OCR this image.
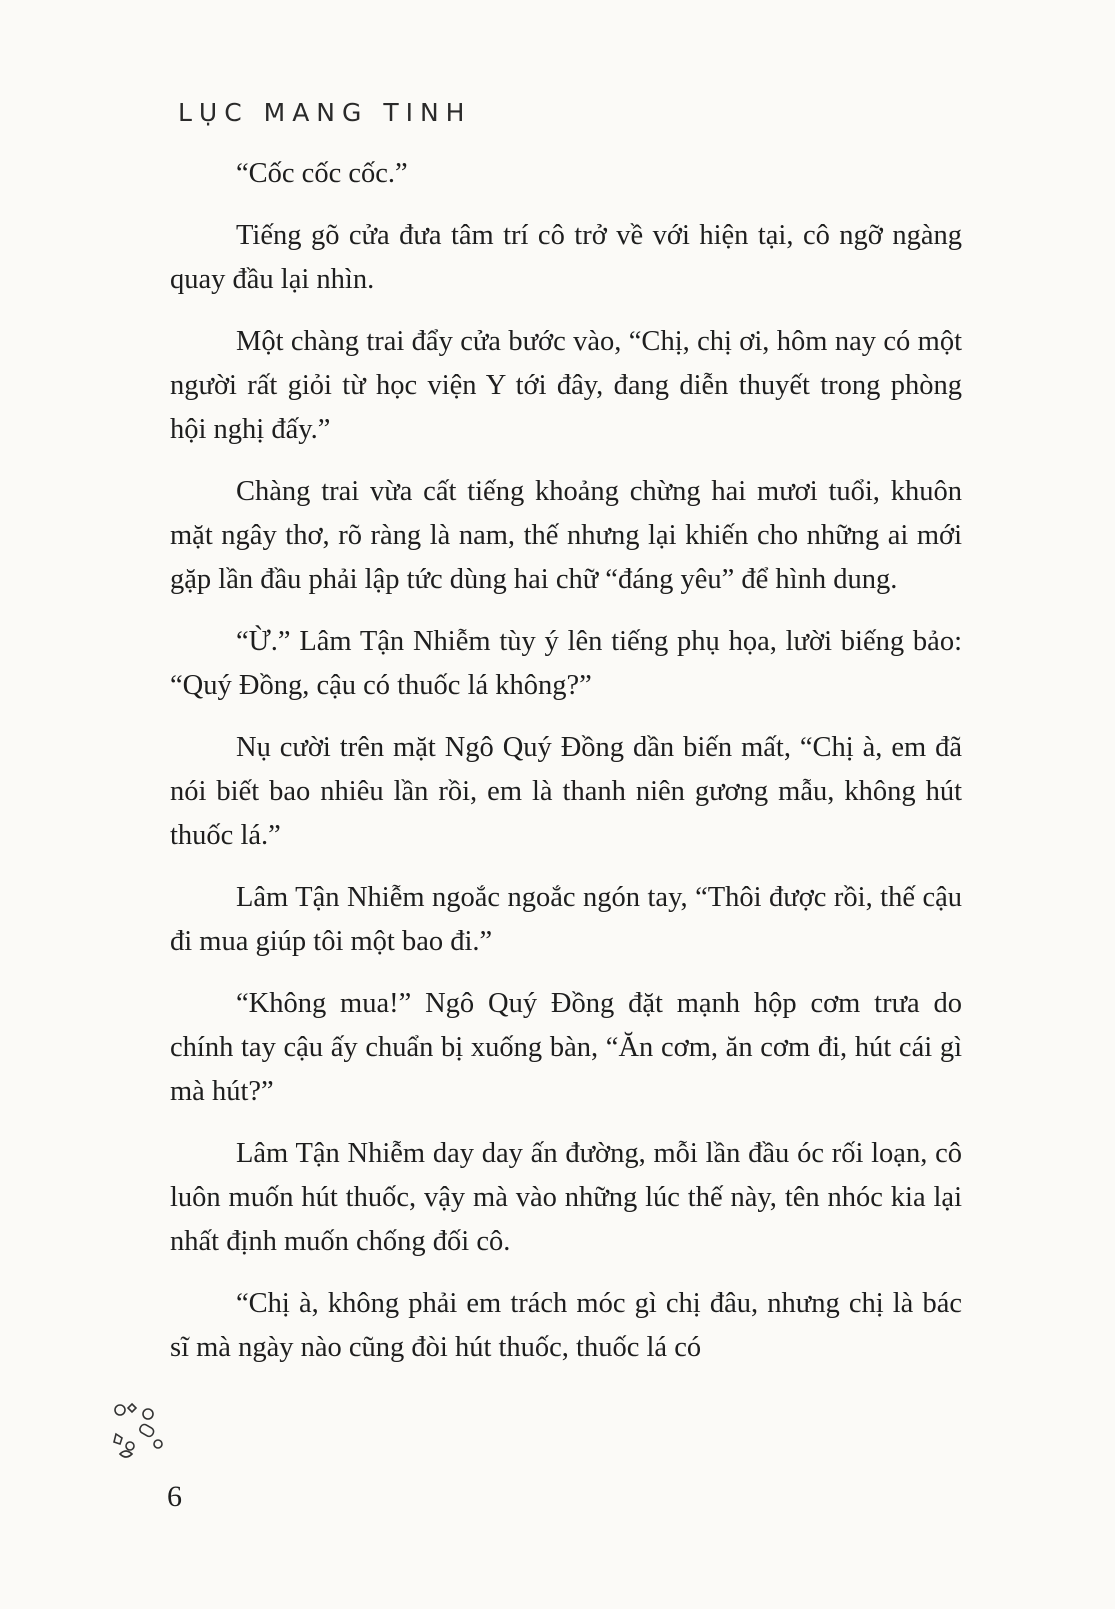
LỤC MANG TINH

“Cốc cốc cốc.”

Tiếng gõ cửa đưa tâm trí cô trở về với hiện tại, cô ngỡ ngàng quay đầu lại nhìn.

Một chàng trai đẩy cửa bước vào, “Chị, chị ơi, hôm nay có một người rất giỏi từ học viện Y tới đây, đang diễn thuyết trong phòng hội nghị đấy.”

Chàng trai vừa cất tiếng khoảng chừng hai mươi tuổi, khuôn mặt ngây thơ, rõ ràng là nam, thế nhưng lại khiến cho những ai mới gặp lần đầu phải lập tức dùng hai chữ “đáng yêu” để hình dung.

“Ừ.” Lâm Tận Nhiễm tùy ý lên tiếng phụ họa, lười biếng bảo: “Quý Đồng, cậu có thuốc lá không?”

Nụ cười trên mặt Ngô Quý Đồng dần biến mất, “Chị à, em đã nói biết bao nhiêu lần rồi, em là thanh niên gương mẫu, không hút thuốc lá.”

Lâm Tận Nhiễm ngoắc ngoắc ngón tay, “Thôi được rồi, thế cậu đi mua giúp tôi một bao đi.”

“Không mua!” Ngô Quý Đồng đặt mạnh hộp cơm trưa do chính tay cậu ấy chuẩn bị xuống bàn, “Ăn cơm, ăn cơm đi, hút cái gì mà hút?”

Lâm Tận Nhiễm day day ấn đường, mỗi lần đầu óc rối loạn, cô luôn muốn hút thuốc, vậy mà vào những lúc thế này, tên nhóc kia lại nhất định muốn chống đối cô.

“Chị à, không phải em trách móc gì chị đâu, nhưng chị là bác sĩ mà ngày nào cũng đòi hút thuốc, thuốc lá có

6
